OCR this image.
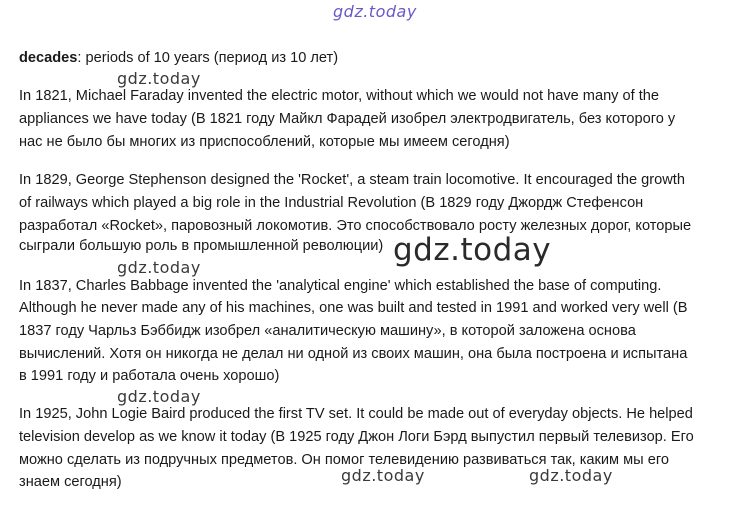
gdz.today
gdz.today
gdz.today
gdz.today
gdz.today
gdz.today	gdz.today
decades: periods of 10 years (период из 10 лет)
In 1821, Michael Faraday invented the electric motor, without which we would not have many of the
appliances we have today (В 1821 году Майкл Фарадей изобрел электродвигатель, без которого у
нас не было бы многих из приспособлений, которые мы имеем сегодня)
In 1829, George Stephenson designed the 'Rocket', a steam train locomotive. It encouraged the growth
of railways which played a big role in the Industrial Revolution (В 1829 году Джордж Стефенсон
разработал «Rocket», паровозный локомотив. Это способствовало росту железных дорог, которые
сыграли большую роль в промышленной революции)
In 1837, Charles Babbage invented the 'analytical engine' which established the base of computing.
Although he never made any of his machines, one was built and tested in 1991 and worked very well (В
1837 году Чарльз Бэббидж изобрел «аналитическую машину», в которой заложена основа
вычислений. Хотя он никогда не делал ни одной из своих машин, она была построена и испытана
в 1991 году и работала очень хорошо)
In 1925, John Logie Baird produced the first TV set. It could be made out of everyday objects. He helped
television develop as we know it today (В 1925 году Джон Логи Бэрд выпустил первый телевизор. Его
можно сделать из подручных предметов. Он помог телевидению развиваться так, каким мы его
знаем сегодня)
